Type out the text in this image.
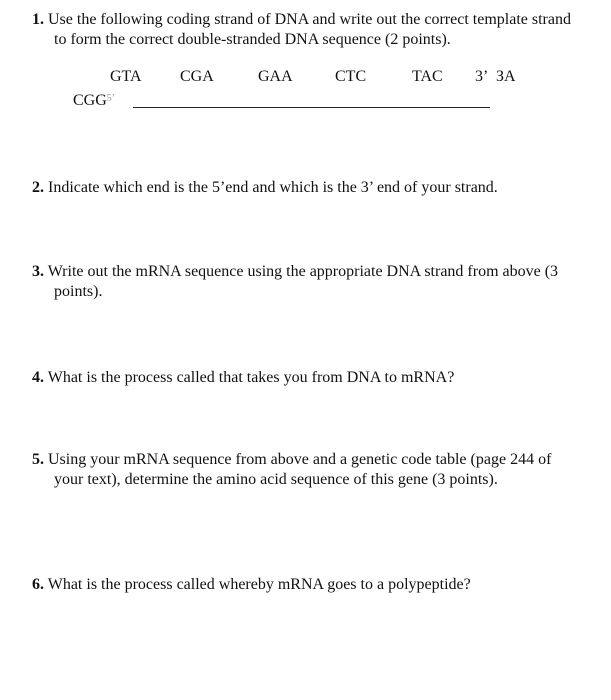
1. Use the following coding strand of DNA and write out the correct template strand to form the correct double-stranded DNA sequence (2 points).
GTA CGA	GAA	CTC	TAC 3’ ЗA
$CGG^{5’}$
2. Indicate which end is the 5’end and which is the 3’ end of your strand.
3. Write out the mRNA sequence using the appropriate DNA strand from above (3 points).
4. What is the process called that takes you from DNA to mRNA?
5. Using your mRNA sequence from above and a genetic code table (page 244 of your text), determine the amino acid sequence of this gene (3 points).
6. What is the process called whereby mRNA goes to a polypeptide?
